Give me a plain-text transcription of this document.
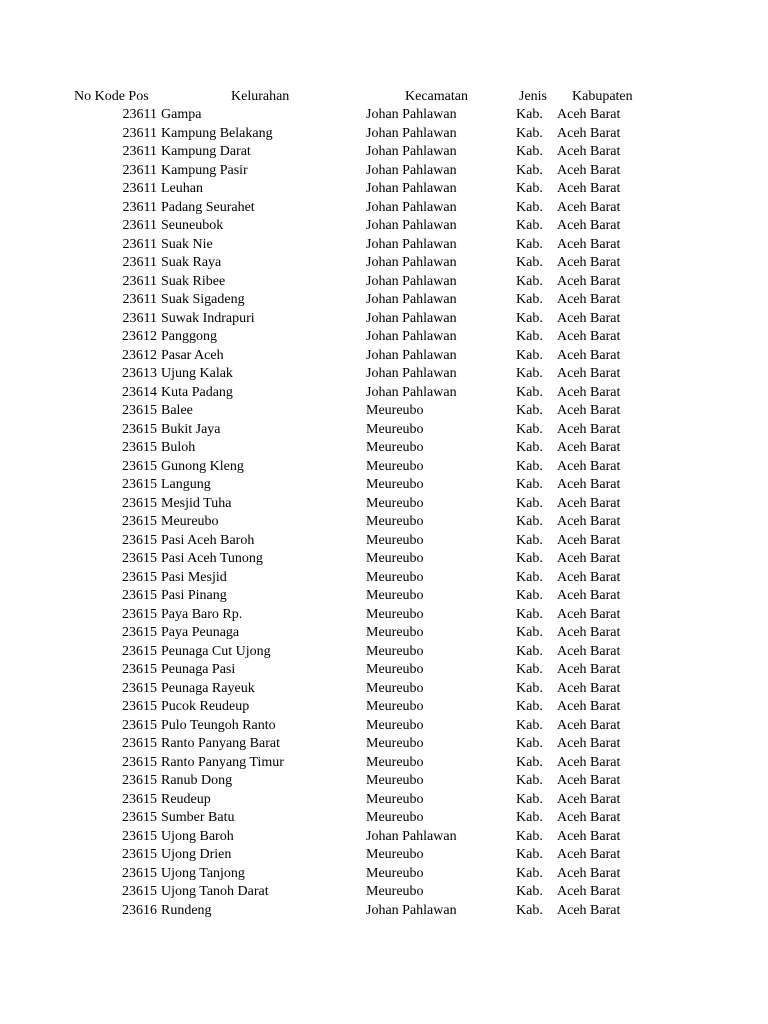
No Kode Pos	Kelurahan	Kecamatan	Jenis Kabupaten
23611 Gampa	Johan Pahlawan	Kab. Aceh Barat
23611 Kampung Belakang	Johan Pahlawan	Kab. Aceh Barat
23611 Kampung Darat	Johan Pahlawan	Kab. Aceh Barat
23611 Kampung Pasir	Johan Pahlawan	Kab. Aceh Barat
23611 Leuhan	Johan Pahlawan	Kab. Aceh Barat
23611 Padang Seurahet	Johan Pahlawan	Kab. Aceh Barat
23611 Seuneubok	Johan Pahlawan	Kab. Aceh Barat
23611 Suak Nie	Johan Pahlawan	Kab. Aceh Barat
23611 Suak Raya	Johan Pahlawan	Kab. Aceh Barat
23611 Suak Ribee	Johan Pahlawan	Kab. Aceh Barat
23611 Suak Sigadeng	Johan Pahlawan	Kab. Aceh Barat
23611 Suwak Indrapuri	Johan Pahlawan	Kab. Aceh Barat
23612 Panggong	Johan Pahlawan	Kab. Aceh Barat
23612 Pasar Aceh	Johan Pahlawan	Kab. Aceh Barat
23613 Ujung Kalak	Johan Pahlawan	Kab. Aceh Barat
23614 Kuta Padang	Johan Pahlawan	Kab. Aceh Barat
23615 Balee	Meureubo	Kab. Aceh Barat
23615 Bukit Jaya	Meureubo	Kab. Aceh Barat
23615 Buloh	Meureubo	Kab. Aceh Barat
23615 Gunong Kleng	Meureubo	Kab. Aceh Barat
23615 Langung	Meureubo	Kab. Aceh Barat
23615 Mesjid Tuha	Meureubo	Kab. Aceh Barat
23615 Meureubo	Meureubo	Kab. Aceh Barat
23615 Pasi Aceh Baroh	Meureubo	Kab. Aceh Barat
23615 Pasi Aceh Tunong	Meureubo	Kab. Aceh Barat
23615 Pasi Mesjid	Meureubo	Kab. Aceh Barat
23615 Pasi Pinang	Meureubo	Kab. Aceh Barat
23615 Paya Baro Rp.	Meureubo	Kab. Aceh Barat
23615 Paya Peunaga	Meureubo	Kab. Aceh Barat
23615 Peunaga Cut Ujong	Meureubo	Kab. Aceh Barat
23615 Peunaga Pasi	Meureubo	Kab. Aceh Barat
23615 Peunaga Rayeuk	Meureubo	Kab. Aceh Barat
23615 Pucok Reudeup	Meureubo	Kab. Aceh Barat
23615 Pulo Teungoh Ranto	Meureubo	Kab. Aceh Barat
23615 Ranto Panyang Barat	Meureubo	Kab. Aceh Barat
23615 Ranto Panyang Timur	Meureubo	Kab. Aceh Barat
23615 Ranub Dong	Meureubo	Kab. Aceh Barat
23615 Reudeup	Meureubo	Kab. Aceh Barat
23615 Sumber Batu	Meureubo	Kab. Aceh Barat
23615 Ujong Baroh	Johan Pahlawan	Kab. Aceh Barat
23615 Ujong Drien	Meureubo	Kab. Aceh Barat
23615 Ujong Tanjong	Meureubo	Kab. Aceh Barat
23615 Ujong Tanoh Darat	Meureubo	Kab. Aceh Barat
23616 Rundeng	Johan Pahlawan	Kab. Aceh Barat
